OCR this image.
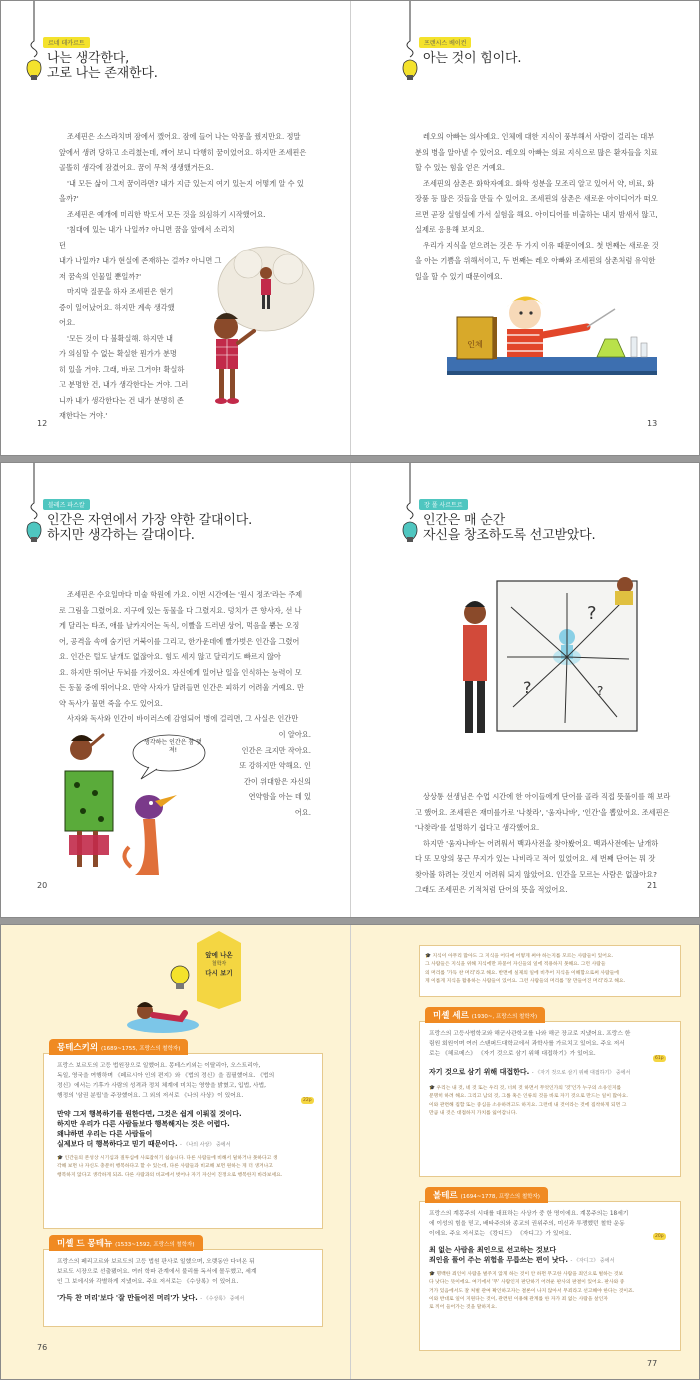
르네 데카르트
나는 생각한다,
고로 나는 존재한다.

조세핀은 소스라치며 잠에서 깼어요. 잠에 들어 나는 악몽을 꿨지만요. 정말

앞에서 생려 당하고 소리쳤는데, 깨어 보니 다행히 꿈이었어요. 하지만 조세핀은
골똘히 생각에 잠겼어요. 꿈이 무척 생생했거든요.

'내 모든 삶이 그저 꿈이라면? 내가 지금 있는지 여기 있는지 어떻게 알 수 있

을까?'

조세핀은 예개에 미리한 박도서 모든 것을 의심하기 시작했어요.

'침대에 있는 내가 나일까? 아니면 꿈을 앞에서 소리치던

내가 나일까? 내가 현실에 존재하는 걸까? 아니면 그
저 꿈속의 인물일 뿐일까?'

마지막 질문을 하자 조세핀은 현기

증이 일어났어요. 하지만 계속 생각했
어요.

'모든 것이 다 불확실해. 하지만 내

가 의심할 수 없는 확실한 뭔가가 분명
히 있을 거야. 그래, 바로 그거야! 확실하
고 분명한 건, 내가 생각한다는 거야. 그러
니까 내가 생각한다는 건 내가 분명히 존
재한다는 거야.'
12
프랜시스 베이컨
아는 것이 힘이다.

레오의 아빠는 의사예요. 인체에 대한 지식이 풍부해서 사람이 걸리는 대부

분의 병을 알아낼 수 있어요. 레오의 아빠는 의료 지식으로 많은 환자들을 치료
할 수 있는 힘을 얻은 거예요.

조세핀의 삼촌은 화학자예요. 화학 성분을 모조리 알고 있어서 약, 비료, 화

장품 등 많은 것들을 만들 수 있어요. 조세핀의 삼촌은 새로운 아이디어가 떠오
르면 곧장 실험실에 가서 실험을 해요. 아이디어를 비출하는 내지 밤새서 않고,
실제로 응용해 보지요.

우리가 지식을 얻으려는 것은 두 가지 이유 때문이에요. 첫 번째는 새로운 것

을 아는 기쁨을 위해서이고, 두 번째는 레오 아빠와 조세핀의 삼촌처럼 유익한
일을 할 수 있기 때문이에요.
인체
13
블레즈 파스칼
인간은 자연에서 가장 약한 갈대이다.
하지만 생각하는 갈대이다.

조세핀은 수요일마다 미술 학원에 가요. 이번 시간에는 '원시 정조'라는 주제

로 그림을 그렸어요. 지구에 있는 동물을 다 그렸지요. 덩치가 큰 향사자, 선 나
게 달리는 타조, 애를 날카지어는 독식, 이빨을 드러낸 상어, 먹음을 뿜는 오징
어, 공격을 속에 숨기던 거북이를 그리고, 한가운데에 빨가벗은 인간을 그렸어
요. 인간은 털도 날개도 없잖아요. 힘도 세지 않고 달리기도 빠르지 않아
요. 하지만 뛰어난 두뇌를 가졌어요. 자신에게 일어난 일을 인식하는 능력이 모
든 동물 중에 뛰어나요. 만약 사자가 달려들면 인간은 피하기 어려울 거예요. 만
약 독사가 물면 죽을 수도 있어요.

사자와 독사와 인간이 바이러스에 감염되어 병에 걸리면, 그 사실은 인간만

이 알아요.
인간은 크지만 작아요.
또 강하지만 약해요. 인
간이 위대함은 자신의
연약함을 아는 데 있
어요.
생각하는 인간은 참 멋져!
20
장 폴 사르트르
인간은 매 순간
자신을 창조하도록 선고받았다.
?
?	?

상상통 선생님은 수업 시간에 한 아이들에게 단어를 골라 직접 뜻풀이를 해 보라

고 했어요. 조세핀은 재미를가로 '나찾라', '움자나바', '인간'을 뽑았어요. 조세핀은
'나찾라'를 설명하기 쉽다고 생각했어요.

하지만 '움자나바'는 어려워서 백과사전을 찾아봤어요. 백과사전에는 날개하

다 또 모양의 뭉근 무지가 있는 나비라고 적어 있었어요. 세 번째 단어는 뭐 잣
찾아볼 하려는 것인지 어려워 되지 않았어요. 인간을 모르는 사람은 없잖아요?
그래도 조세핀은 기적처럼 단어의 뜻을 적었어요.	21
앞에 나온
철학자
다시 보기
몽테스키외 (1689~1755, 프랑스의 철학자)
프랑스 보르도의 고등 법원장으로 일했어요. 몽테스키외는 이탈리아, 오스트리아,
독일, 영국을 여행하며 《페르시아 인의 편지》와 《법의 정신》을 집필했어요. 《법의
정신》에서는 기후가 사람의 성격과 정치 체계에 미치는 영향을 밝혔고, 입법, 사법,
행정의 '삼권 분립'을 주장했어요. 그 외의 저서로 《나의 사상》이 있어요.
22p
만약 그저 행복하기를 원한다면, 그것은 쉽게 이뤄질 것이다.
하지만 우리가 다른 사람들보다 행복해지는 것은 어렵다.
왜냐하면 우리는 다른 사람들이
실제보다 더 행복하다고 믿기 때문이다. - 《나의 사상》 중에서
🎓 인간들의 본성상 시기심과 질투심에 사로잡히기 쉽습니다. 다른 사람들에 비해서 덜하거나 못하다고 생
각해 보면 나 자신도 충분히 행복하다고 할 수 있는데, 다른 사람들과 비교해 보면 원하는 게 더 생겨나고
행복하지 않다고 생각하게 되죠. 다른 사람과의 비교에서 벗어나 자기 자신이 진정으로 행복한지 바라보세요.
미셸 드 몽테뉴 (1533~1592, 프랑스의 철학자)
프랑스의 페리고르와 보르도의 고등 법원 판사로 일했으며, 오랫동안 다녀온 뒤
보르도 시장으로 선출됐어요. 여러 학파 관계에서 불리를 독서에 몰두했고, 세계
인 그 보에시와 각별하게 지냈어요. 주요 저서로는 《수상록》이 있어요.
'가득 찬 머리'보다 '잘 만들어진 머리'가 낫다. - 《수상록》 중에서
76
🎓 지식이 아무리 많아도 그 지식을 어디에 어떻게 써야 하는지를 모르는 사람들이 있어요.
그 사람들은 지식을 위해 지식에만 파묻어 자신들의 일에 적용하지 못해요. 그런 사람들
의 머리를 '가득 찬 머리'라고 해요. 반면에 실제의 일에 비추어 지식을 이해함으로써 사람들에
게 이롭게 지식을 활용하는 사람들이 있어요. 그런 사람들의 머리를 '잘 만들어진 머리'라고 해요.
미셸 세르 (1930~, 프랑스의 철학자)
프랑스의 고등사범학교와 해군사관학교를 나와 해군 장교로 지냈어요. 프랑스 한
림원 회원이며 여러 스탠퍼드대학교에서 과학사를 가르치고 있어요. 주요 저서
로는 《헤르메스》 《자기 것으로 삼기 위해 대접하기》가 있어요.
61p
자기 것으로 삼기 위해 대접한다. - 《자기 것으로 삼기 위해 대접하기》 중에서
🎓 우리는 내 것, 네 것 또는 우리 것, 너희 것 하면서 무엇인가의 '것'인가 누구의 소유인지를
분명히 하려 해요. 그리고 남의 것, 그룹 혹은 인류의 것을 바로 자기 것으로 만드는 일이 많아요.
이와 관련해 집합 또는 중심을 소유하려고도 하지요. 그런데 내 것이라는 것에 집착하게 되면 그
만큼 내 것은 대접하지 가치를 잃어갑니다.
볼테르 (1694~1778, 프랑스의 철학자)
프랑스의 계몽주의 시대를 대표하는 사상가 중 한 명이에요. 계몽주의는 18세기
에 이성의 힘을 믿고, 배타주의와 종교의 권위주의, 미신과 투쟁했던 철학 운동
이에요. 주요 저서로는 《캉디드》 《자디그》가 있어요.	20p
최 없는 사람을 최인으로 선고하는 것보다
죄인을 풀어 주는 위험을 무릅쓰는 편이 낫다. - 《자디그》 중에서
🎓 명백한 죄인이 사람을 벌주지 않게 하는 것이 안 하면 무고한 사람을 죄인으로 벌하는 것보
다 낫다는 뜻이에요. 여기에서 '무' 사람인지 판단하기 어려운 판사의 판결이 있어요. 판사와 중
거가 있음에서도 잘 처벌 관여 확인하고자는 결론이 나지 않아서 무죄라고 선고해야 한다는 것이죠.
이와 반대로 일이 지원다는 것이, 관련된 이용해 관계를 한 자가 죄 없는 사람을 살인자
로 끼어 들어가는 것을 말하지요.
77
